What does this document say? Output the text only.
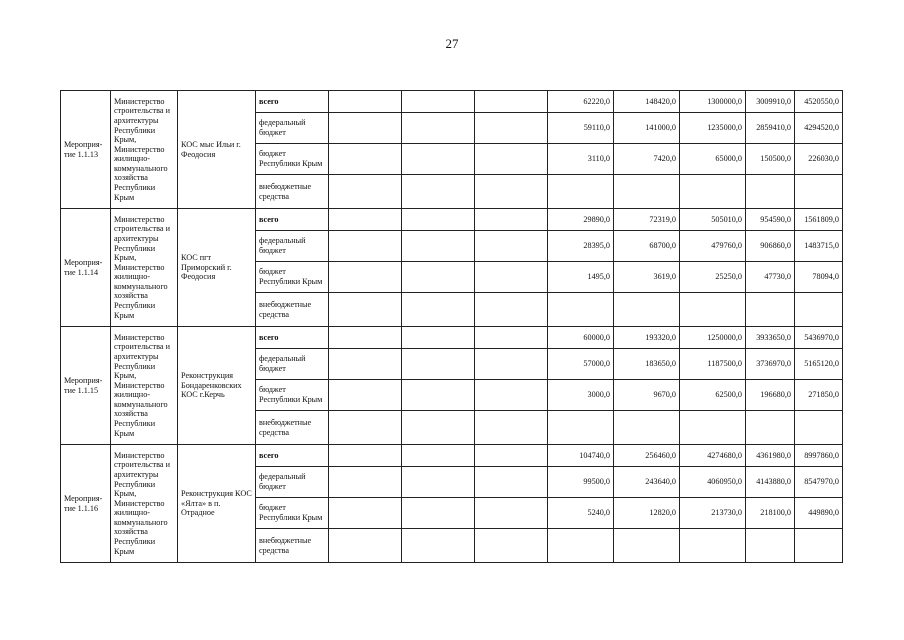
27
Мероприя-тие 1.1.13	Министерство строительства и архитектуры Республики Крым, Министерство жилищно-коммунального хозяйства Республики Крым	КОС мыс Ильи г. Феодосия	всего				62220,0	148420,0	1300000,0	3009910,0	4520550,0
			федеральный бюджет				59110,0	141000,0	1235000,0	2859410,0	4294520,0
			бюджет Республики Крым				3110,0	7420,0	65000,0	150500,0	226030,0
			внебюджетные средства								
Мероприя-тие 1.1.14	Министерство строительства и архитектуры Республики Крым, Министерство жилищно-коммунального хозяйства Республики Крым	КОС пгт Приморский г. Феодосия	всего				29890,0	72319,0	505010,0	954590,0	1561809,0
			федеральный бюджет				28395,0	68700,0	479760,0	906860,0	1483715,0
			бюджет Республики Крым				1495,0	3619,0	25250,0	47730,0	78094,0
			внебюджетные средства								
Мероприя-тие 1.1.15	Министерство строительства и архитектуры Республики Крым, Министерство жилищно-коммунального хозяйства Республики Крым	Реконструкция Бондаренковских КОС г.Керчь	всего				60000,0	193320,0	1250000,0	3933650,0	5436970,0
			федеральный бюджет				57000,0	183650,0	1187500,0	3736970,0	5165120,0
			бюджет Республики Крым				3000,0	9670,0	62500,0	196680,0	271850,0
			внебюджетные средства								
Мероприя-тие 1.1.16	Министерство строительства и архитектуры Республики Крым, Министерство жилищно-коммунального хозяйства Республики Крым	Реконструкция КОС «Ялта» в п. Отрадное	всего				104740,0	256460,0	4274680,0	4361980,0	8997860,0
			федеральный бюджет				99500,0	243640,0	4060950,0	4143880,0	8547970,0
			бюджет Республики Крым				5240,0	12820,0	213730,0	218100,0	449890,0
			внебюджетные средства								
